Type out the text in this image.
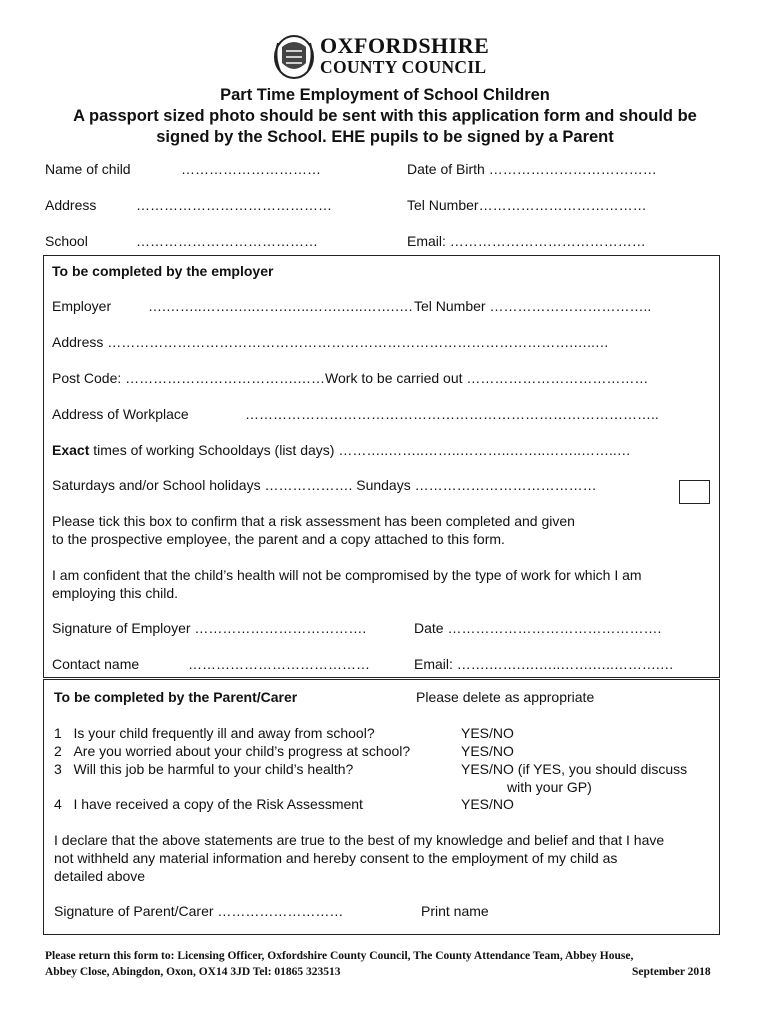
OXFORDSHIRE
COUNTY COUNCIL
Part Time Employment of School Children
A passport sized photo should be sent with this application form and should be
signed by the School. EHE pupils to be signed by a Parent
Name of child	…………………………	Date of Birth ………………………………
Address	……………………………………	Tel Number………………………………
School	…………………………………	Email: ……………………………………
To be completed by the employer
Employer	….……..…….…..…….…..…….…..…….…. Tel Number ……………………………..
Address ……………………………………………………………………………………….…..…
Post Code: ……………………………….……Work to be carried out …………………………………
Address of Workplace	……………………………………………………………………………..
Exact times of working Schooldays (list days) ………..……..……..………..……..……..……..…
Saturdays and/or School holidays ………………. Sundays …………………………………
Please tick this box to confirm that a risk assessment has been completed and given
to the prospective employee, the parent and a copy attached to this form.
I am confident that the child’s health will not be compromised by the type of work for which I am
employing this child.
Signature of Employer ……………………………….	Date ……………………………………….
Contact name	…………………………………	Email: …….…….….…..…….…..……….…
To be completed by the Parent/Carer	Please delete as appropriate
1 Is your child frequently ill and away from school?	YES/NO
2 Are you worried about your child’s progress at school?	YES/NO
3 Will this job be harmful to your child’s health?	YES/NO (if YES, you should discuss
with your GP)
4 I have received a copy of the Risk Assessment	YES/NO
I declare that the above statements are true to the best of my knowledge and belief and that I have
not withheld any material information and hereby consent to the employment of my child as
detailed above
Signature of Parent/Carer ………………………	Print name
Please return this form to: Licensing Officer, Oxfordshire County Council, The County Attendance Team, Abbey House,
Abbey Close, Abingdon, Oxon, OX14 3JD Tel: 01865 323513	September 2018
